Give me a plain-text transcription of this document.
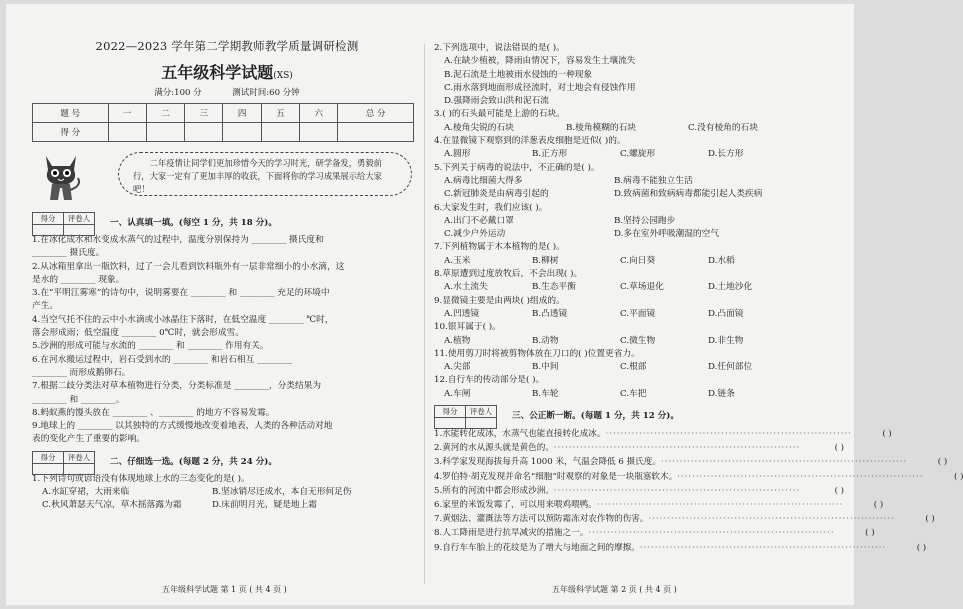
2022—2023 学年第二学期教师教学质量调研检测
五年级科学试题(XS)
满分:100 分	测试时间:60 分钟
题 号	一	二	三	四	五	六	总 分
得 分							
二年疫情让同学们更加珍惜今天的学习时光，研学备发，勇毅前行，大家一定有了更加丰厚的收获，下面将你的学习成果展示给大家吧！
得分	评卷人
	一、认真填一填。(每空 1 分，共 18 分)。
1.在冰化成水和水变成水蒸气的过程中，温度分别保持为 ________ 摄氏度和
________ 摄氏度。
2.从冰箱里拿出一瓶饮料，过了一会儿看到饮料瓶外有一层非常细小的小水滴，这
是水的 ________ 现象。
3.在“平明江雾寒”的诗句中，说明雾要在 ________ 和 ________ 充足的环境中
产生。
4.当空气托不住的云中小水滴或小冰晶往下落时，在低空温度 ________ ℃时，
落会形成雨；低空温度 ________ 0℃时，就会形成雪。
5.沙洲的形成可能与水流的 ________ 和 ________ 作用有关。
6.在河水搬运过程中，岩石受到水的 ________ 和岩石相互 ________
________ 而形成鹅卵石。
7.根据二歧分类法对草本植物进行分类，分类标准是 ________，分类结果为
________ 和 ________。
8.蚂蚁燕的馒头放在 ________ 、________ 的地方不容易发霉。
9.地球上的 ________ 以其独特的方式缓慢地改变着地表，人类的各种活动对地
表的变化产生了重要的影响。
得分	评卷人
	二、仔细选一选。(每题 2 分，共 24 分)。
1.下列诗句或谚语没有体现地球上水的三态变化的是( )。
A.水缸穿裙，大雨来临	B.坚冰销尽还成水，本自无形何足伤
C.秋风萧瑟天气凉，草木摇落露为霜	D.床前明月光，疑是地上霜
五年级科学试题 第 1 页 ( 共 4 页 )
2.下列选项中，说法错误的是( )。
A.在缺少植被，降雨由情况下，容易发生土壤流失
B.泥石流是土地被雨水侵蚀的一种现象
C.雨水落到地面形成径流时，对土地会有侵蚀作用
D.强降雨会致山洪和泥石流
3.( )的石头最可能是上游的石块。
A.棱角尖锐的石块	B.棱角模糊的石块	C.没有棱角的石块
4.在显微镜下观察到的洋葱表皮细胞是近似( )的。
A.圆形	B.正方形	C.螺旋形	D.长方形
5.下列关于病毒的说法中，不正确的是( )。
A.病毒比细菌大得多	B.病毒不能独立生活
C.新冠肺炎是由病毒引起的	D.致病菌和致病病毒都能引起人类疾病
6.大家发生时，我们应该( )。
A.出门不必戴口罩	B.坚持公园跑步
C.减少户外运动	D.多在室外呼吸潮湿的空气
7.下列植物属于木本植物的是( )。
A.玉米	B.柳树	C.向日葵	D.水稻
8.草原遭到过度放牧后，不会出现( )。
A.水土流失	B.生态平衡	C.草场退化	D.土地沙化
9.显微镜主要是由两块( )组成的。
A.凹透镜	B.凸透镜	C.平面镜	D.凸面镜
10.银耳属于( )。
A.植物	B.动物	C.微生物	D.非生物
11.使用剪刀时将被剪物体放在刀口的( )位置更省力。
A.尖部	B.中间	C.根部	D.任何部位
12.自行车的传动部分是( )。
A.车闸	B.车轮	C.车把	D.链条
得分	评卷人
	三、公正断一断。(每题 1 分，共 12 分)。
1.水能转化成冰，水蒸气也能直接转化成冰。 ··································································	( )
2.黄河的水从源头就是黄色的。 ··································································	( )
3.科学家发现海拔每升高 1000 米，气温会降低 6 摄氏度。 ··································································	( )
4.罗伯特·胡克发现并命名“细胞”时观察的对象是一块瓶塞软木。 ··································································	( )
5.所有的河流中都会形成沙洲。 ··································································	( )
6.家里的米饭发霉了，可以用来喂鸡喂鸭。 ··································································	( )
7.黄烟法、灌溉法等方法可以预防霜冻对农作物的伤害。 ··································································	( )
8.人工降雨是进行抗旱减灾的措施之一。 ··································································	( )
9.自行车车胎上的花纹是为了增大与地面之间的摩擦。 ··································································	( )
五年级科学试题 第 2 页 ( 共 4 页 )
